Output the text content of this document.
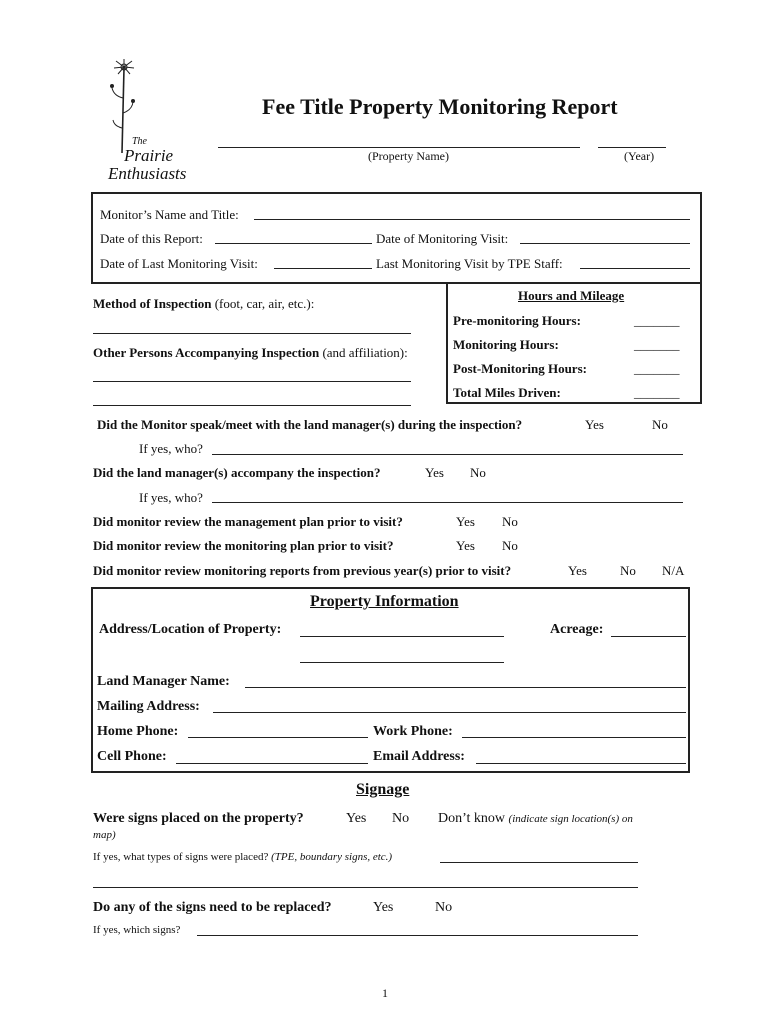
The
Prairie
Enthusiasts
Fee Title Property Monitoring Report
(Property Name)	(Year)
Monitor’s Name and Title:
Date of this Report:	Date of Monitoring Visit:
Date of Last Monitoring Visit:	Last Monitoring Visit by TPE Staff:
Method of Inspection (foot, car, air, etc.):
Other Persons Accompanying Inspection (and affiliation):
Hours and Mileage
Pre-monitoring Hours:	_______
Monitoring Hours:	_______
Post-Monitoring Hours:	_______
Total Miles Driven:	_______
Did the Monitor speak/meet with the land manager(s) during the inspection?	Yes	No
If yes, who?
Did the land manager(s) accompany the inspection?	Yes No
If yes, who?
Did monitor review the management plan prior to visit?	Yes No
Did monitor review the monitoring plan prior to visit?	Yes No
Did monitor review monitoring reports from previous year(s) prior to visit?	Yes	No N/A
Property Information
Address/Location of Property:	Acreage:
Land Manager Name:
Mailing Address:
Home Phone:	Work Phone:
Cell Phone:	Email Address:
Signage
Were signs placed on the property?	Yes No Don’t know (indicate sign location(s) on
map)
If yes, what types of signs were placed? (TPE, boundary signs, etc.)
Do any of the signs need to be replaced?	Yes	No
If yes, which signs?
1
